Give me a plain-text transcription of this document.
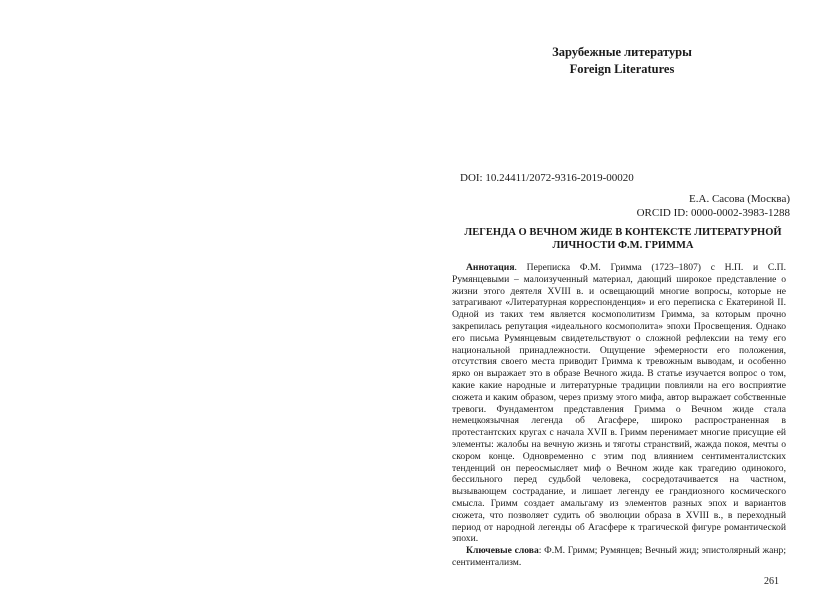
Зарубежные литературы
Foreign Literatures
DOI: 10.24411/2072-9316-2019-00020
Е.А. Сасова (Москва)
ORCID ID: 0000-0002-3983-1288
ЛЕГЕНДА О ВЕЧНОМ ЖИДЕ В КОНТЕКСТЕ ЛИТЕРАТУРНОЙ ЛИЧНОСТИ Ф.М. ГРИММА

Аннотация. Переписка Ф.М. Гримма (1723–1807) с Н.П. и С.П. Румянцевыми – малоизученный материал, дающий широкое представление о жизни этого деятеля XVIII в. и освещающий многие вопросы, которые не затрагивают «Литературная корреспонденция» и его переписка с Екатериной II. Одной из таких тем является космополитизм Гримма, за которым прочно закрепилась репутация «идеального космополита» эпохи Просвещения. Однако его письма Румянцевым свидетельствуют о сложной рефлексии на тему его национальной принадлежности. Ощущение эфемерности его положения, отсутствия своего места приводит Гримма к тревожным выводам, и особенно ярко он выражает это в образе Вечного жида. В статье изучается вопрос о том, какие какие народные и литературные традиции повлияли на его восприятие сюжета и каким образом, через призму этого мифа, автор выражает собственные тревоги. Фундаментом представления Гримма о Вечном жиде стала немецкоязычная легенда об Агасфере, широко распространенная в протестантских кругах с начала XVII в. Гримм перенимает многие присущие ей элементы: жалобы на вечную жизнь и тяготы странствий, жажда покоя, мечты о скором конце. Одновременно с этим под влиянием сентименталистских тенденций он переосмысляет миф о Вечном жиде как трагедию одинокого, бессильного перед судьбой человека, сосредотачивается на частном, вызывающем сострадание, и лишает легенду ее грандиозного космического смысла. Гримм создает амальгаму из элементов разных эпох и вариантов сюжета, что позволяет судить об эволюции образа в XVIII в., в переходный период от народной легенды об Агасфере к трагической фигуре романтической эпохи.

Ключевые слова: Ф.М. Гримм; Румянцев; Вечный жид; эпистолярный жанр; сентиментализм.

261
